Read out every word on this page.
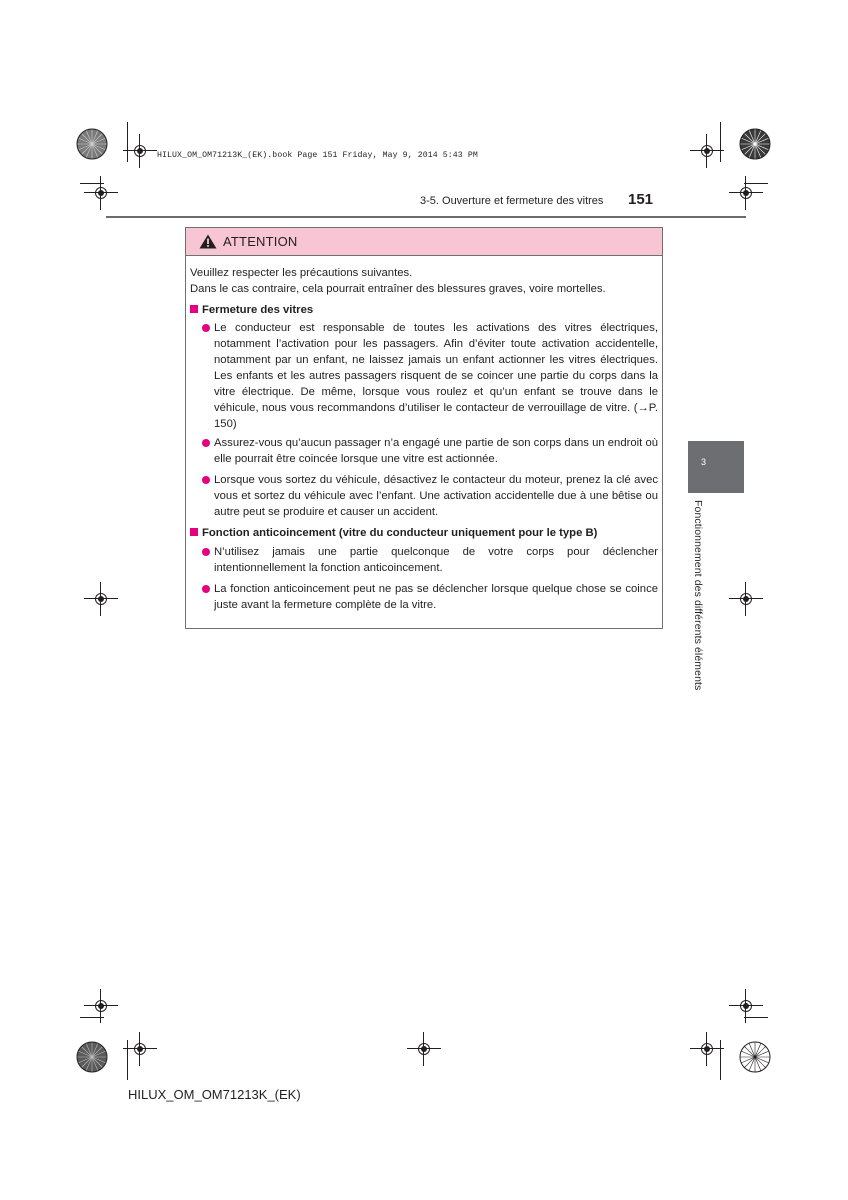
HILUX_OM_OM71213K_(EK).book Page 151 Friday, May 9, 2014 5:43 PM
3-5. Ouverture et fermeture des vitres 151
ATTENTION
Veuillez respecter les précautions suivantes.
Dans le cas contraire, cela pourrait entraîner des blessures graves, voire mortelles.
Fermeture des vitres
Le conducteur est responsable de toutes les activations des vitres électriques, notamment l’activation pour les passagers. Afin d’éviter toute activation accidentelle, notamment par un enfant, ne laissez jamais un enfant actionner les vitres électriques. Les enfants et les autres passagers risquent de se coincer une partie du corps dans la vitre électrique. De même, lorsque vous roulez et qu’un enfant se trouve dans le véhicule, nous vous recommandons d’utiliser le contacteur de verrouillage de vitre. (→P. 150)
Assurez-vous qu’aucun passager n’a engagé une partie de son corps dans un endroit où elle pourrait être coincée lorsque une vitre est actionnée.
Lorsque vous sortez du véhicule, désactivez le contacteur du moteur, prenez la clé avec vous et sortez du véhicule avec l’enfant. Une activation accidentelle due à une bêtise ou autre peut se produire et causer un accident.
Fonction anticoincement (vitre du conducteur uniquement pour le type B)
N’utilisez jamais une partie quelconque de votre corps pour déclencher intentionnellement la fonction anticoincement.
La fonction anticoincement peut ne pas se déclencher lorsque quelque chose se coince juste avant la fermeture complète de la vitre.
3
Fonctionnement des différents éléments
HILUX_OM_OM71213K_(EK)
